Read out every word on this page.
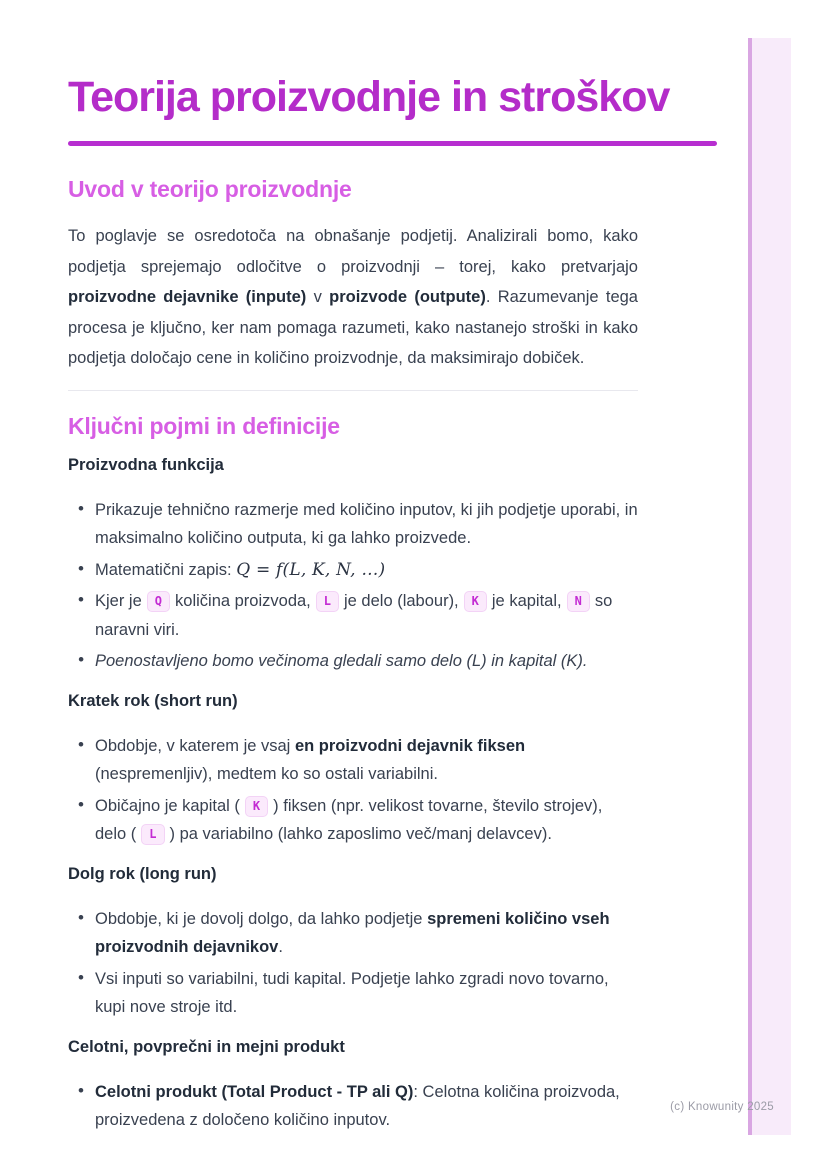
Teorija proizvodnje in stroškov
Uvod v teorijo proizvodnje

To poglavje se osredotoča na obnašanje podjetij. Analizirali bomo, kako podjetja sprejemajo odločitve o proizvodnji – torej, kako pretvarjajo proizvodne dejavnike (inpute) v proizvode (outpute). Razumevanje tega procesa je ključno, ker nam pomaga razumeti, kako nastanejo stroški in kako podjetja določajo cene in količino proizvodnje, da maksimirajo dobiček.

Ključni pojmi in definicije
Proizvodna funkcija
• Prikazuje tehnično razmerje med količino inputov, ki jih podjetje uporabi, in maksimalno količino outputa, ki ga lahko proizvede.
• Matematični zapis: Q = f(L, K, N, …)
• Kjer je Q količina proizvoda, L je delo (labour), K je kapital, N so naravni viri.
• Poenostavljeno bomo večinoma gledali samo delo (L) in kapital (K).
Kratek rok (short run)
• Obdobje, v katerem je vsaj en proizvodni dejavnik fiksen (nespremenljiv), medtem ko so ostali variabilni.
• Običajno je kapital ( K ) fiksen (npr. velikost tovarne, število strojev), delo ( L ) pa variabilno (lahko zaposlimo več/manj delavcev).
Dolg rok (long run)
• Obdobje, ki je dovolj dolgo, da lahko podjetje spremeni količino vseh proizvodnih dejavnikov.
• Vsi inputi so variabilni, tudi kapital. Podjetje lahko zgradi novo tovarno, kupi nove stroje itd.
Celotni, povprečni in mejni produkt
• Celotni produkt (Total Product - TP ali Q): Celotna količina proizvoda, proizvedena z določeno količino inputov.
(c) Knowunity 2025
